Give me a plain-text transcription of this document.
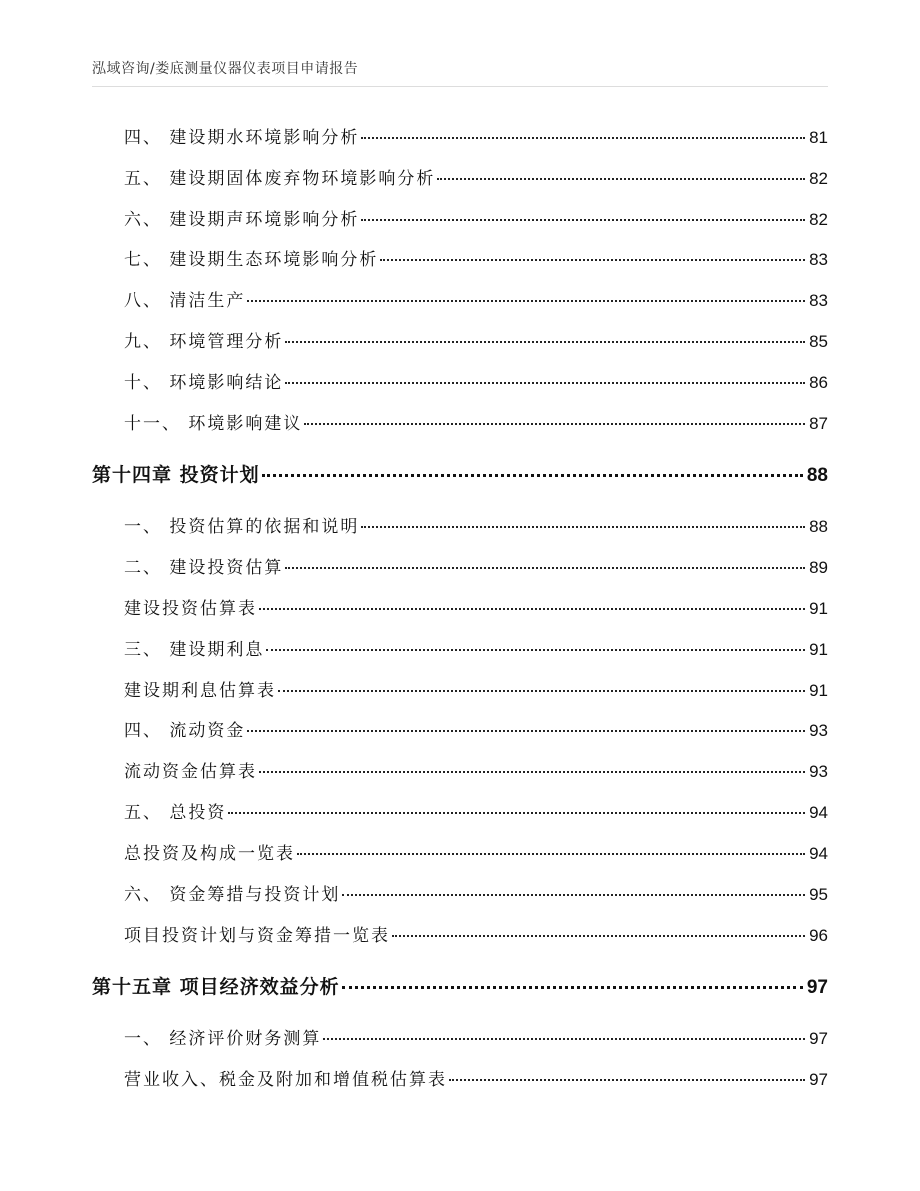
泓域咨询/娄底测量仪器仪表项目申请报告
四、 建设期水环境影响分析	81
五、 建设期固体废弃物环境影响分析	82
六、 建设期声环境影响分析	82
七、 建设期生态环境影响分析	83
八、 清洁生产	83
九、 环境管理分析	85
十、 环境影响结论	86
十一、 环境影响建议	87
第十四章 投资计划	88
一、 投资估算的依据和说明	88
二、 建设投资估算	89
建设投资估算表	91
三、 建设期利息	91
建设期利息估算表	91
四、 流动资金	93
流动资金估算表	93
五、 总投资	94
总投资及构成一览表	94
六、 资金筹措与投资计划	95
项目投资计划与资金筹措一览表	96
第十五章 项目经济效益分析	97
一、 经济评价财务测算	97
营业收入、税金及附加和增值税估算表	97
